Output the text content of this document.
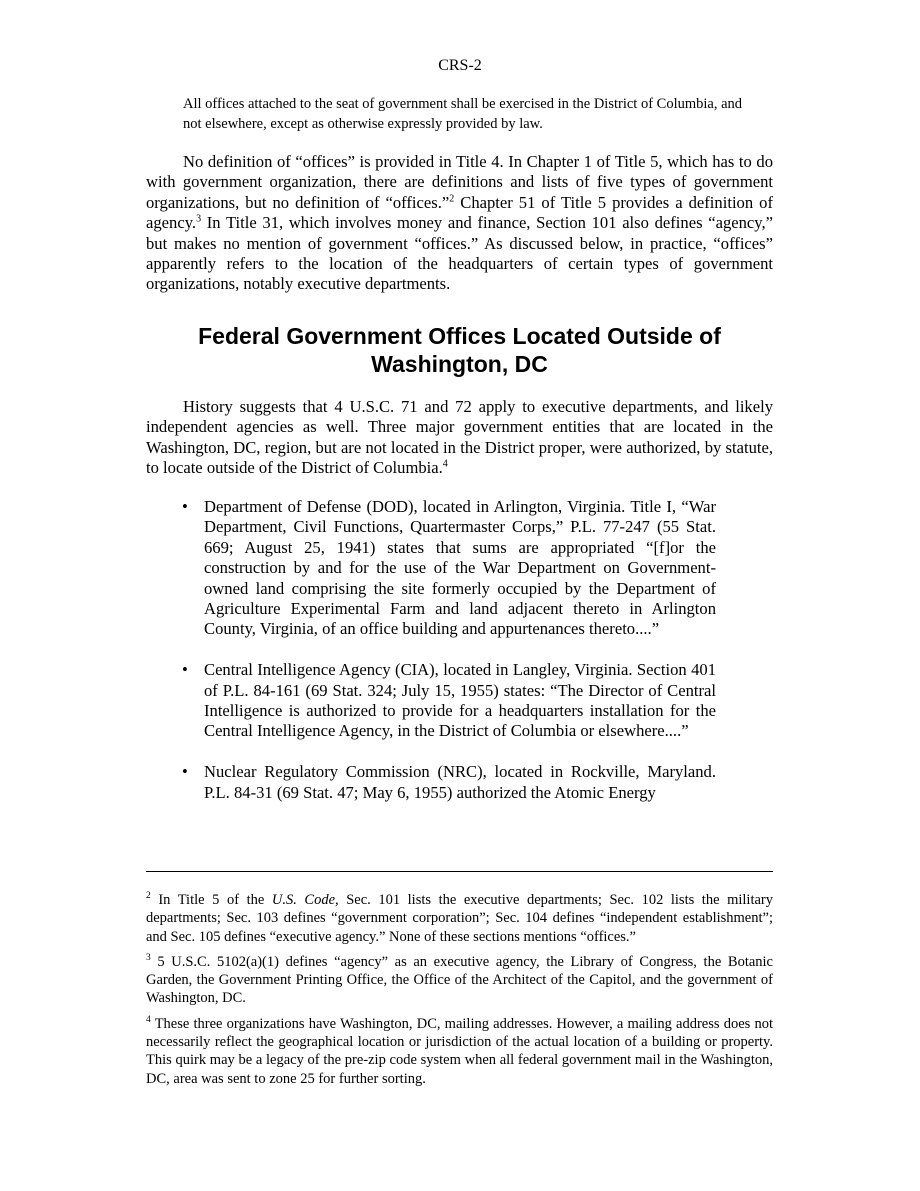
CRS-2
All offices attached to the seat of government shall be exercised in the District of Columbia, and not elsewhere, except as otherwise expressly provided by law.

No definition of “offices” is provided in Title 4. In Chapter 1 of Title 5, which has to do with government organization, there are definitions and lists of five types of government organizations, but no definition of “offices.”$^2$ Chapter 51 of Title 5 provides a definition of agency.$^3$ In Title 31, which involves money and finance, Section 101 also defines “agency,” but makes no mention of government “offices.” As discussed below, in practice, “offices” apparently refers to the location of the headquarters of certain types of government organizations, notably executive departments.

Federal Government Offices Located Outside of
Washington, DC

History suggests that 4 U.S.C. 71 and 72 apply to executive departments, and likely independent agencies as well. Three major government entities that are located in the Washington, DC, region, but are not located in the District proper, were authorized, by statute, to locate outside of the District of Columbia.$^4$

• Department of Defense (DOD), located in Arlington, Virginia. Title I, “War Department, Civil Functions, Quartermaster Corps,” P.L. 77-247 (55 Stat. 669; August 25, 1941) states that sums are appropriated “[f]or the construction by and for the use of the War Department on Government-owned land comprising the site formerly occupied by the Department of Agriculture Experimental Farm and land adjacent thereto in Arlington County, Virginia, of an office building and appurtenances thereto....”
• Central Intelligence Agency (CIA), located in Langley, Virginia. Section 401 of P.L. 84-161 (69 Stat. 324; July 15, 1955) states: “The Director of Central Intelligence is authorized to provide for a headquarters installation for the Central Intelligence Agency, in the District of Columbia or elsewhere....”
• Nuclear Regulatory Commission (NRC), located in Rockville, Maryland. P.L. 84-31 (69 Stat. 47; May 6, 1955) authorized the Atomic Energy

$^2$ In Title 5 of the U.S. Code, Sec. 101 lists the executive departments; Sec. 102 lists the military departments; Sec. 103 defines “government corporation”; Sec. 104 defines “independent establishment”; and Sec. 105 defines “executive agency.” None of these sections mentions “offices.”

$^3$ 5 U.S.C. 5102(a)(1) defines “agency” as an executive agency, the Library of Congress, the Botanic Garden, the Government Printing Office, the Office of the Architect of the Capitol, and the government of Washington, DC.

$^4$ These three organizations have Washington, DC, mailing addresses. However, a mailing address does not necessarily reflect the geographical location or jurisdiction of the actual location of a building or property. This quirk may be a legacy of the pre-zip code system when all federal government mail in the Washington, DC, area was sent to zone 25 for further sorting.
